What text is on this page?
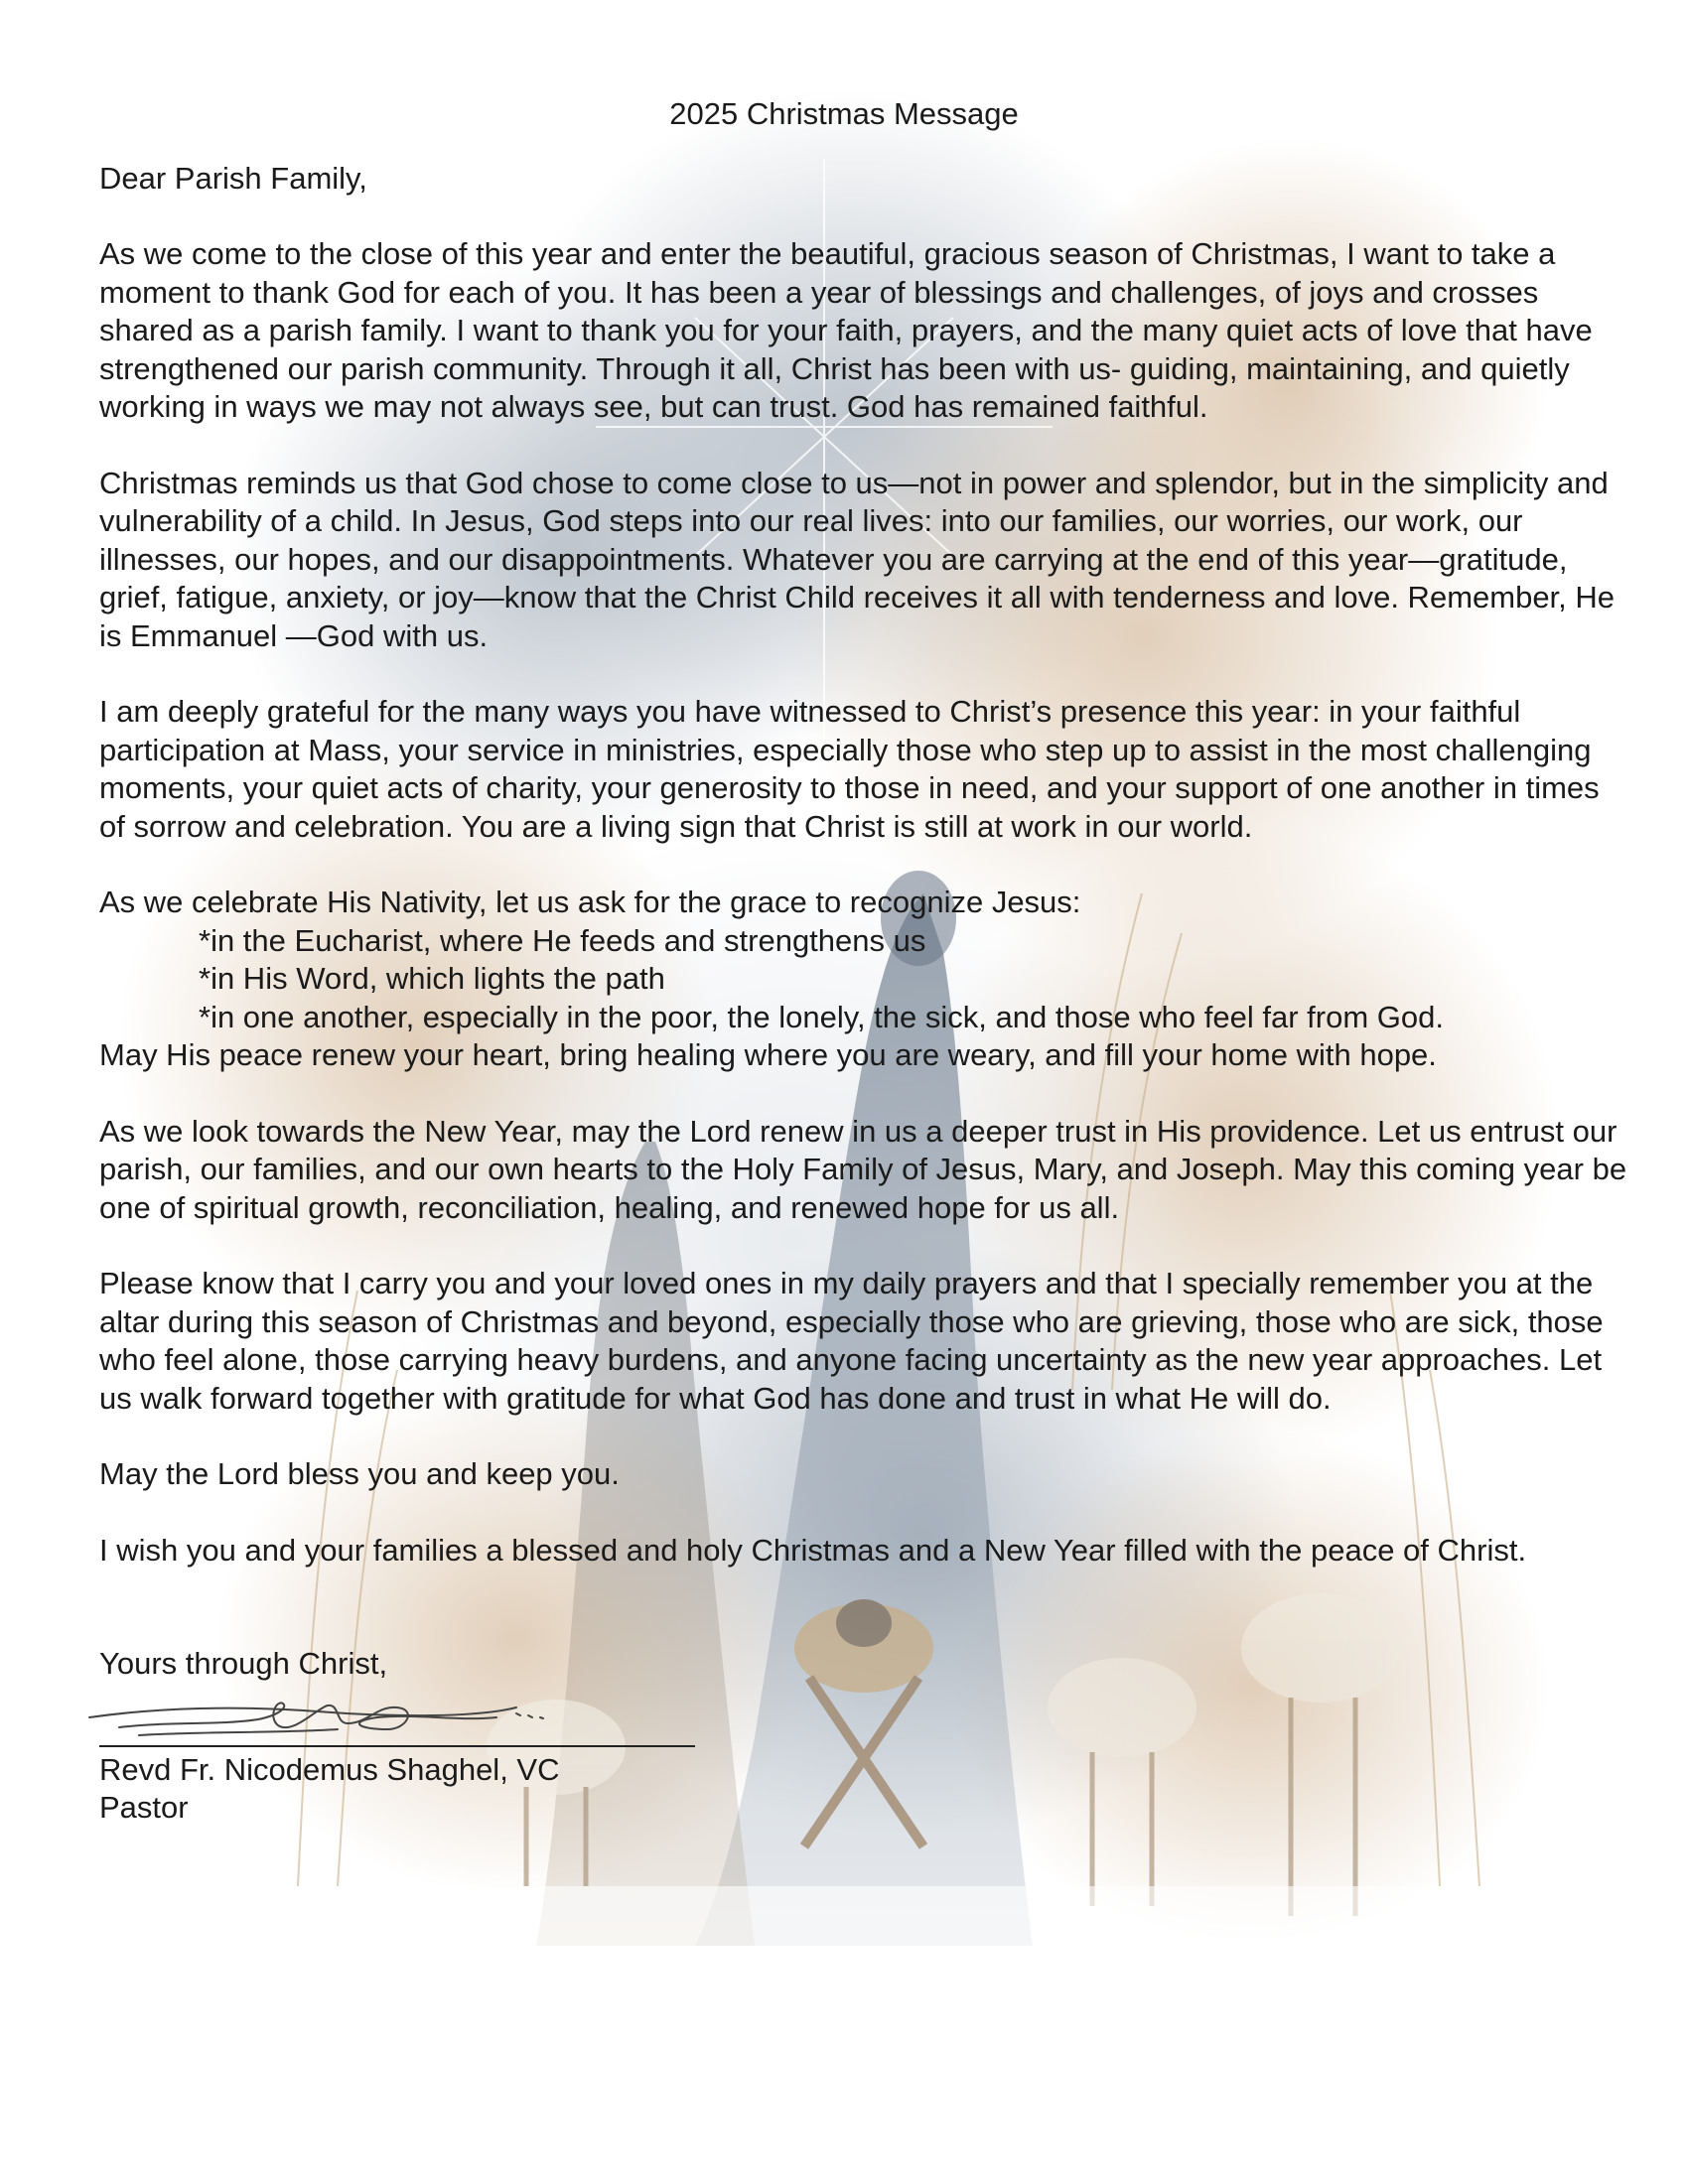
2025 Christmas Message

Dear Parish Family,

As we come to the close of this year and enter the beautiful, gracious season of Christmas, I want to take a moment to thank God for each of you. It has been a year of blessings and challenges, of joys and crosses shared as a parish family. I want to thank you for your faith, prayers, and the many quiet acts of love that have strengthened our parish community. Through it all, Christ has been with us- guiding, maintaining, and quietly working in ways we may not always see, but can trust. God has remained faithful.

Christmas reminds us that God chose to come close to us—not in power and splendor, but in the simplicity and vulnerability of a child. In Jesus, God steps into our real lives: into our families, our worries, our work, our illnesses, our hopes, and our disappointments. Whatever you are carrying at the end of this year—gratitude, grief, fatigue, anxiety, or joy—know that the Christ Child receives it all with tenderness and love. Remember, He is Emmanuel —God with us.

I am deeply grateful for the many ways you have witnessed to Christ’s presence this year: in your faithful participation at Mass, your service in ministries, especially those who step up to assist in the most challenging moments, your quiet acts of charity, your generosity to those in need, and your support of one another in times of sorrow and celebration. You are a living sign that Christ is still at work in our world.

As we celebrate His Nativity, let us ask for the grace to recognize Jesus:

*in the Eucharist, where He feeds and strengthens us
*in His Word, which lights the path
*in one another, especially in the poor, the lonely, the sick, and those who feel far from God.

May His peace renew your heart, bring healing where you are weary, and fill your home with hope.

As we look towards the New Year, may the Lord renew in us a deeper trust in His providence. Let us entrust our parish, our families, and our own hearts to the Holy Family of Jesus, Mary, and Joseph. May this coming year be one of spiritual growth, reconciliation, healing, and renewed hope for us all.

Please know that I carry you and your loved ones in my daily prayers and that I specially remember you at the altar during this season of Christmas and beyond, especially those who are grieving, those who are sick, those who feel alone, those carrying heavy burdens, and anyone facing uncertainty as the new year approaches. Let us walk forward together with gratitude for what God has done and trust in what He will do.

May the Lord bless you and keep you.

I wish you and your families a blessed and holy Christmas and a New Year filled with the peace of Christ.

Yours through Christ,

Revd Fr. Nicodemus Shaghel, VC

Pastor
